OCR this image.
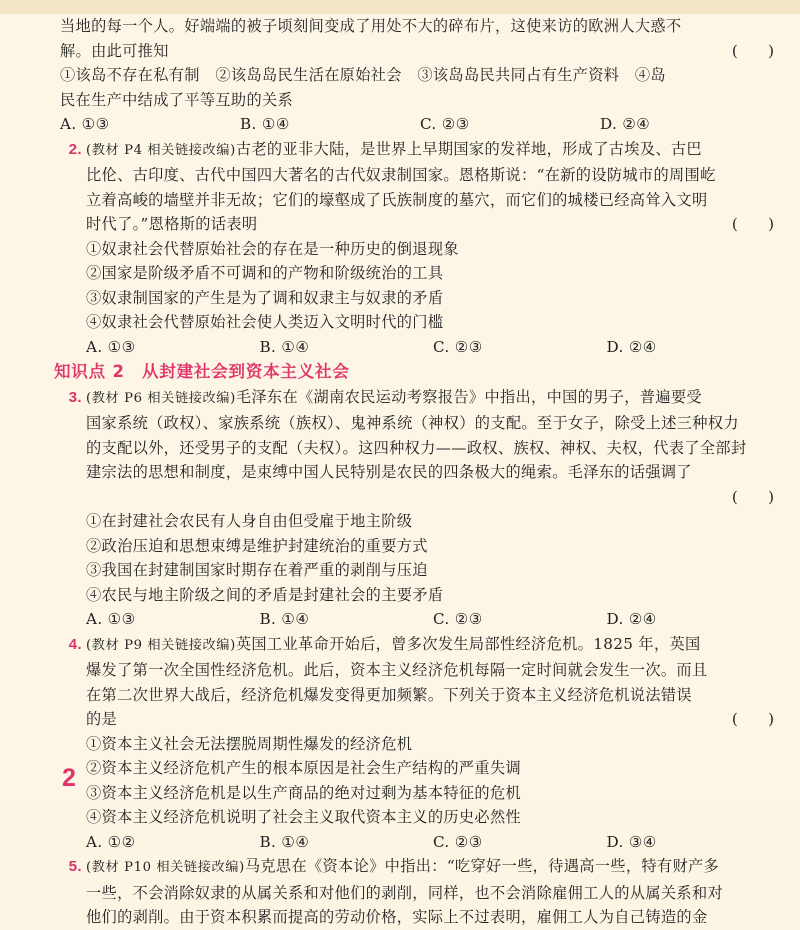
当地的每一个人。好端端的被子顷刻间变成了用处不大的碎布片，这使来访的欧洲人大惑不
解。由此可推知	(　　)
①该岛不存在私有制　②该岛岛民生活在原始社会　③该岛岛民共同占有生产资料　④岛
民在生产中结成了平等互助的关系
A. ①③	B. ①④	C. ②③	D. ②④
2. (教材 P4 相关链接改编)古老的亚非大陆，是世界上早期国家的发祥地，形成了古埃及、古巴
比伦、古印度、古代中国四大著名的古代奴隶制国家。恩格斯说：“在新的设防城市的周围屹
立着高峻的墙壁并非无故；它们的壕壑成了氏族制度的墓穴，而它们的城楼已经高耸入文明
时代了。”恩格斯的话表明	(　　)
①奴隶社会代替原始社会的存在是一种历史的倒退现象
②国家是阶级矛盾不可调和的产物和阶级统治的工具
③奴隶制国家的产生是为了调和奴隶主与奴隶的矛盾
④奴隶社会代替原始社会使人类迈入文明时代的门槛
A. ①③	B. ①④	C. ②③	D. ②④
知识点 2　从封建社会到资本主义社会
3. (教材 P6 相关链接改编)毛泽东在《湖南农民运动考察报告》中指出，中国的男子，普遍要受
国家系统（政权）、家族系统（族权）、鬼神系统（神权）的支配。至于女子，除受上述三种权力
的支配以外，还受男子的支配（夫权）。这四种权力——政权、族权、神权、夫权，代表了全部封
建宗法的思想和制度，是束缚中国人民特别是农民的四条极大的绳索。毛泽东的话强调了
(　　)

①在封建社会农民有人身自由但受雇于地主阶级
②政治压迫和思想束缚是维护封建统治的重要方式
③我国在封建制国家时期存在着严重的剥削与压迫
④农民与地主阶级之间的矛盾是封建社会的主要矛盾
A. ①③	B. ①④	C. ②③	D. ②④
4. (教材 P9 相关链接改编)英国工业革命开始后，曾多次发生局部性经济危机。1825 年，英国
爆发了第一次全国性经济危机。此后，资本主义经济危机每隔一定时间就会发生一次。而且
在第二次世界大战后，经济危机爆发变得更加频繁。下列关于资本主义经济危机说法错误
的是	(　　)
①资本主义社会无法摆脱周期性爆发的经济危机
②资本主义经济危机产生的根本原因是社会生产结构的严重失调
③资本主义经济危机是以生产商品的绝对过剩为基本特征的危机
④资本主义经济危机说明了社会主义取代资本主义的历史必然性
A. ①②	B. ①④	C. ②③	D. ③④
5. (教材 P10 相关链接改编)马克思在《资本论》中指出：“吃穿好一些，待遇高一些，特有财产多
一些，不会消除奴隶的从属关系和对他们的剥削，同样，也不会消除雇佣工人的从属关系和对
他们的剥削。由于资本积累而提高的劳动价格，实际上不过表明，雇佣工人为自己铸造的金
2
